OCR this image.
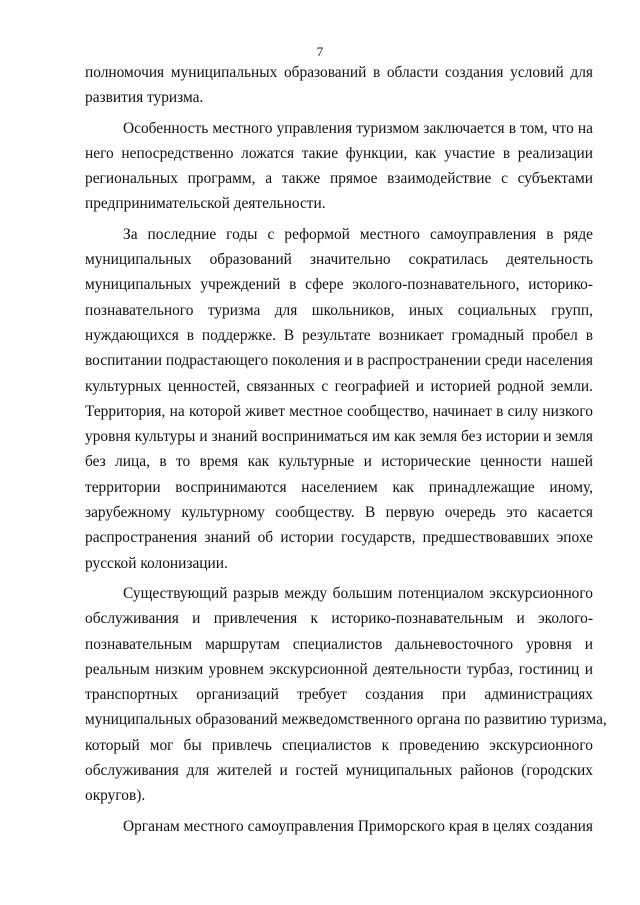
7
полномочия муниципальных образований в области создания условий для
развития туризма.
Особенность местного управления туризмом заключается в том, что на
него непосредственно ложатся такие функции, как участие в реализации
региональных программ, а также прямое взаимодействие с субъектами
предпринимательской деятельности.
За последние годы с реформой местного самоуправления в ряде
муниципальных образований значительно сократилась деятельность
муниципальных учреждений в сфере эколого-познавательного, историко-
познавательного туризма для школьников, иных социальных групп,
нуждающихся в поддержке. В результате возникает громадный пробел в
воспитании подрастающего поколения и в распространении среди населения
культурных ценностей, связанных с географией и историей родной земли.
Территория, на которой живет местное сообщество, начинает в силу низкого
уровня культуры и знаний восприниматься им как земля без истории и земля
без лица, в то время как культурные и исторические ценности нашей
территории воспринимаются населением как принадлежащие иному,
зарубежному культурному сообществу. В первую очередь это касается
распространения знаний об истории государств, предшествовавших эпохе
русской колонизации.
Существующий разрыв между большим потенциалом экскурсионного
обслуживания и привлечения к историко-познавательным и эколого-
познавательным маршрутам специалистов дальневосточного уровня и
реальным низким уровнем экскурсионной деятельности турбаз, гостиниц и
транспортных организаций требует создания при администрациях
муниципальных образований межведомственного органа по развитию туризма,
который мог бы привлечь специалистов к проведению экскурсионного
обслуживания для жителей и гостей муниципальных районов (городских
округов).
Органам местного самоуправления Приморского края в целях создания
